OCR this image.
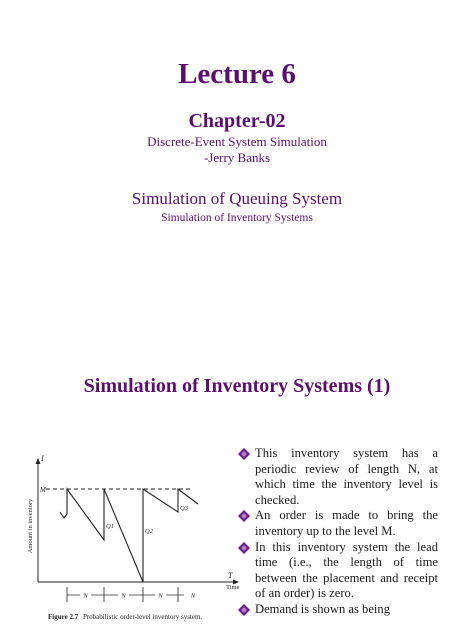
Lecture 6
Chapter-02
Discrete-Event System Simulation
-Jerry Banks
Simulation of Queuing System
Simulation of Inventory Systems
Simulation of Inventory Systems (1)
I
T
Time
Amount in inventory
M
Q1
Q2
Q3
N	N	N	N
Figure 2.7 Probabilistic order-level inventory system.
This inventory system has a periodic review of length N, at which time the inventory level is checked.
An order is made to bring the inventory up to the level M.
In this inventory system the lead time (i.e., the length of time between the placement and receipt of an order) is zero.
Demand is shown as being
